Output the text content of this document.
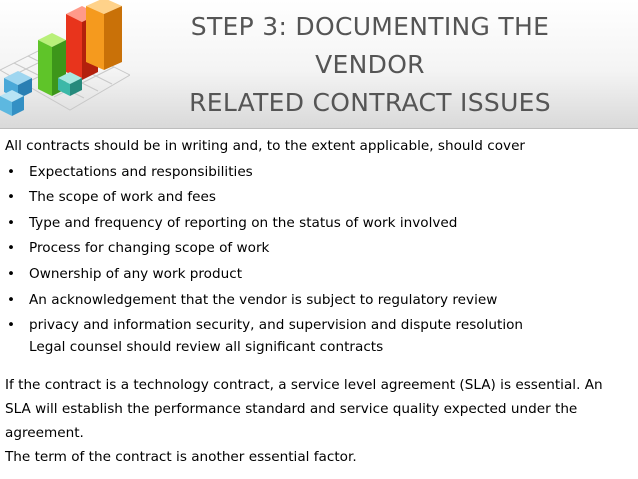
STEP 3: DOCUMENTING THE
VENDOR
RELATED CONTRACT ISSUES
All contracts should be in writing and, to the extent applicable, should cover
• Expectations and responsibilities
• The scope of work and fees
• Type and frequency of reporting on the status of work involved
• Process for changing scope of work
• Ownership of any work product
• An acknowledgement that the vendor is subject to regulatory review
• privacy and information security, and supervision and dispute resolution
Legal counsel should review all significant contracts
If the contract is a technology contract, a service level agreement (SLA) is essential. An
SLA will establish the performance standard and service quality expected under the
agreement.
The term of the contract is another essential factor.
